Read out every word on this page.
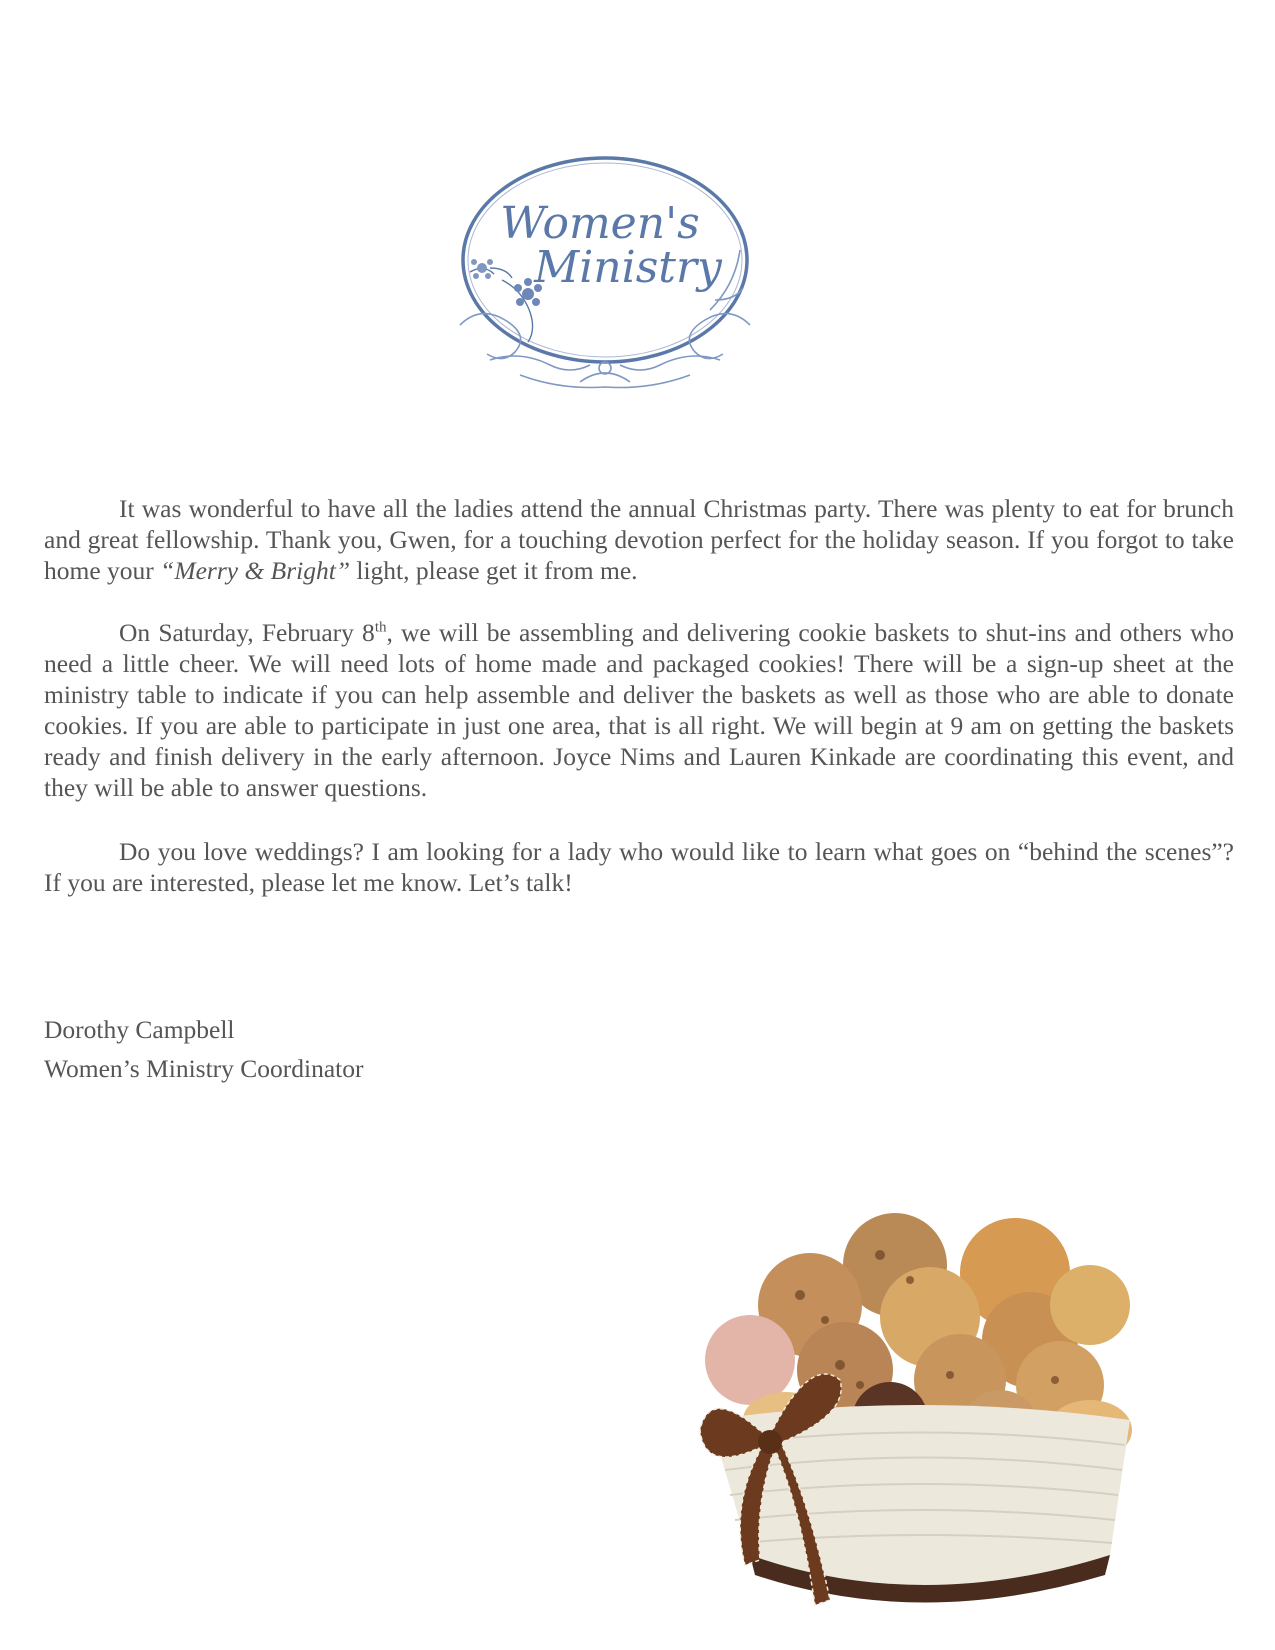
Women's
Ministry

It was wonderful to have all the ladies attend the annual Christmas party. There was plenty to eat for brunch and great fellowship. Thank you, Gwen, for a touching devotion perfect for the holiday season. If you forgot to take home your “Merry & Bright” light, please get it from me.

On Saturday, February 8th, we will be assembling and delivering cookie baskets to shut-ins and others who need a little cheer. We will need lots of home made and packaged cookies! There will be a sign-up sheet at the ministry table to indicate if you can help assemble and deliver the baskets as well as those who are able to donate cookies. If you are able to participate in just one area, that is all right. We will begin at 9 am on getting the baskets ready and finish delivery in the early afternoon. Joyce Nims and Lauren Kinkade are coordinating this event, and they will be able to answer questions.

Do you love weddings? I am looking for a lady who would like to learn what goes on “behind the scenes”? If you are interested, please let me know. Let’s talk!

Dorothy Campbell
Women’s Ministry Coordinator
